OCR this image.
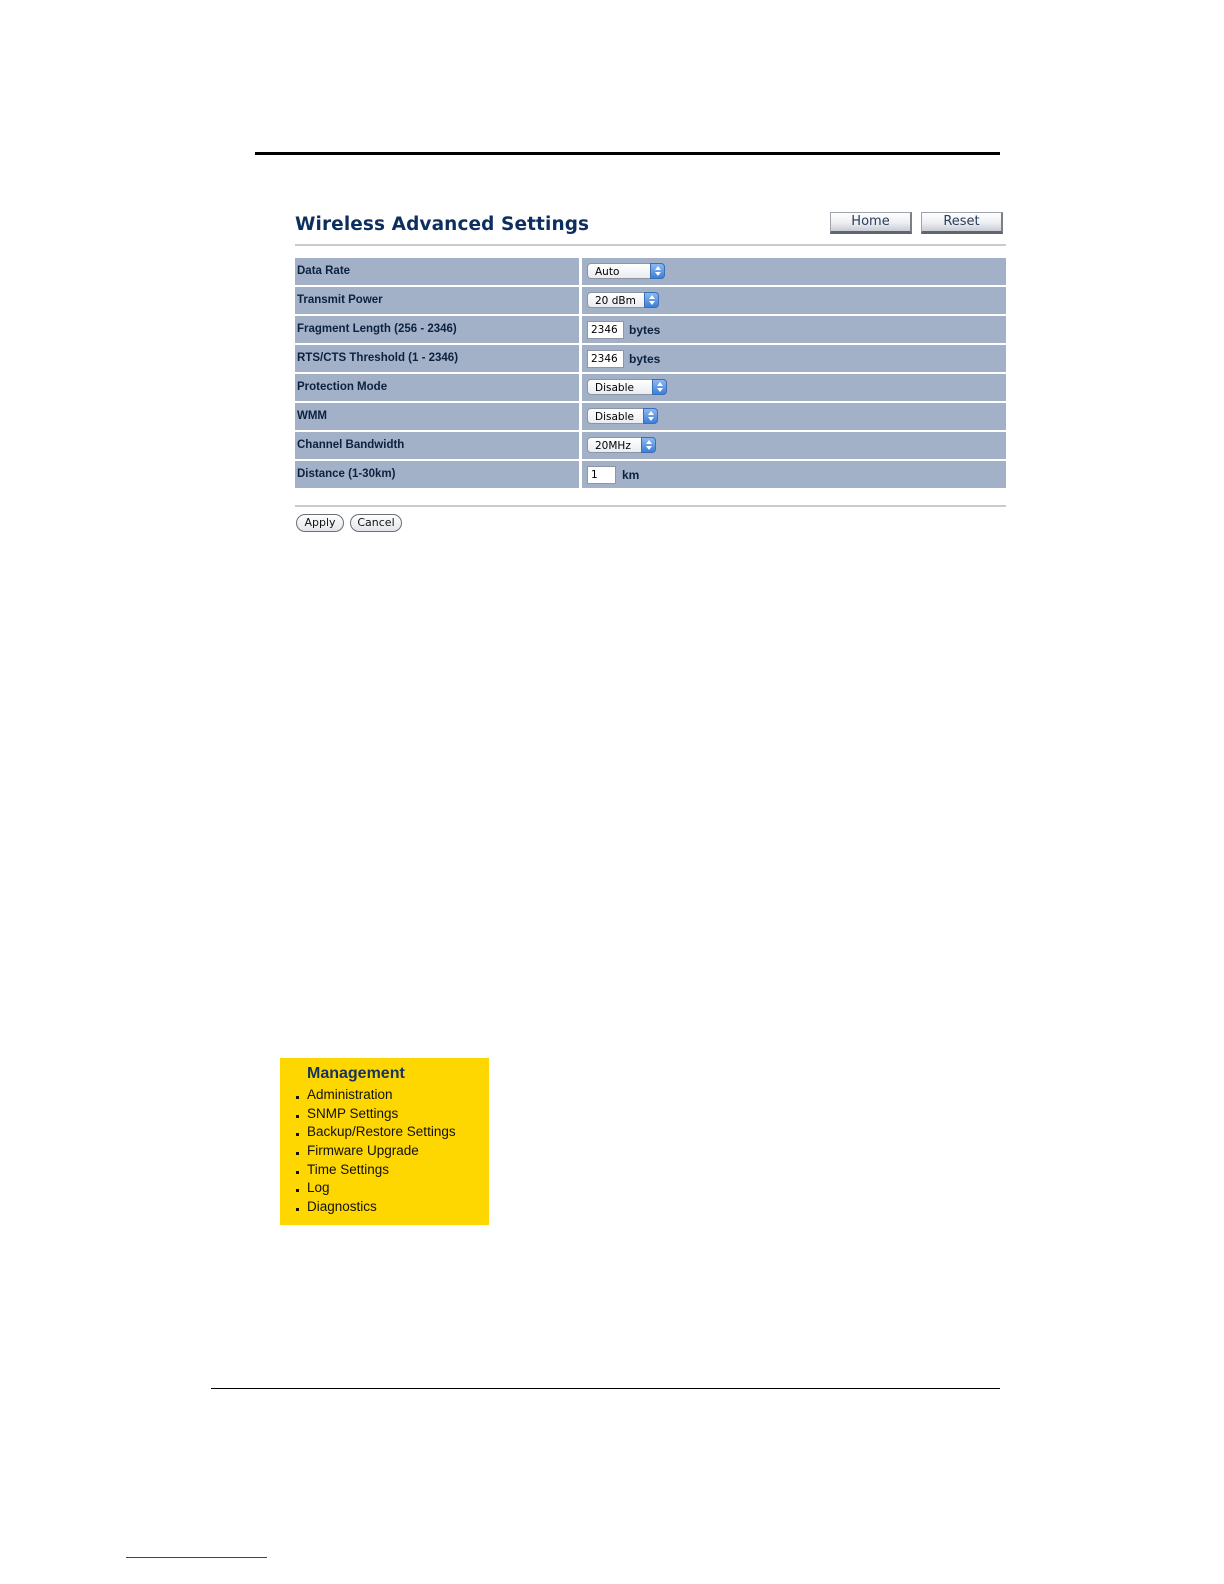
Wireless Advanced Settings	Home	Reset
Data Rate	Auto
Transmit Power	20 dBm
Fragment Length (256 - 2346)	2346 bytes
RTS/CTS Threshold (1 - 2346)	2346 bytes
Protection Mode	Disable
WMM	Disable
Channel Bandwidth	20MHz
Distance (1-30km)	1	km
Apply	Cancel
Management
Administration
SNMP Settings
Backup/Restore Settings
Firmware Upgrade
Time Settings
Log
Diagnostics
